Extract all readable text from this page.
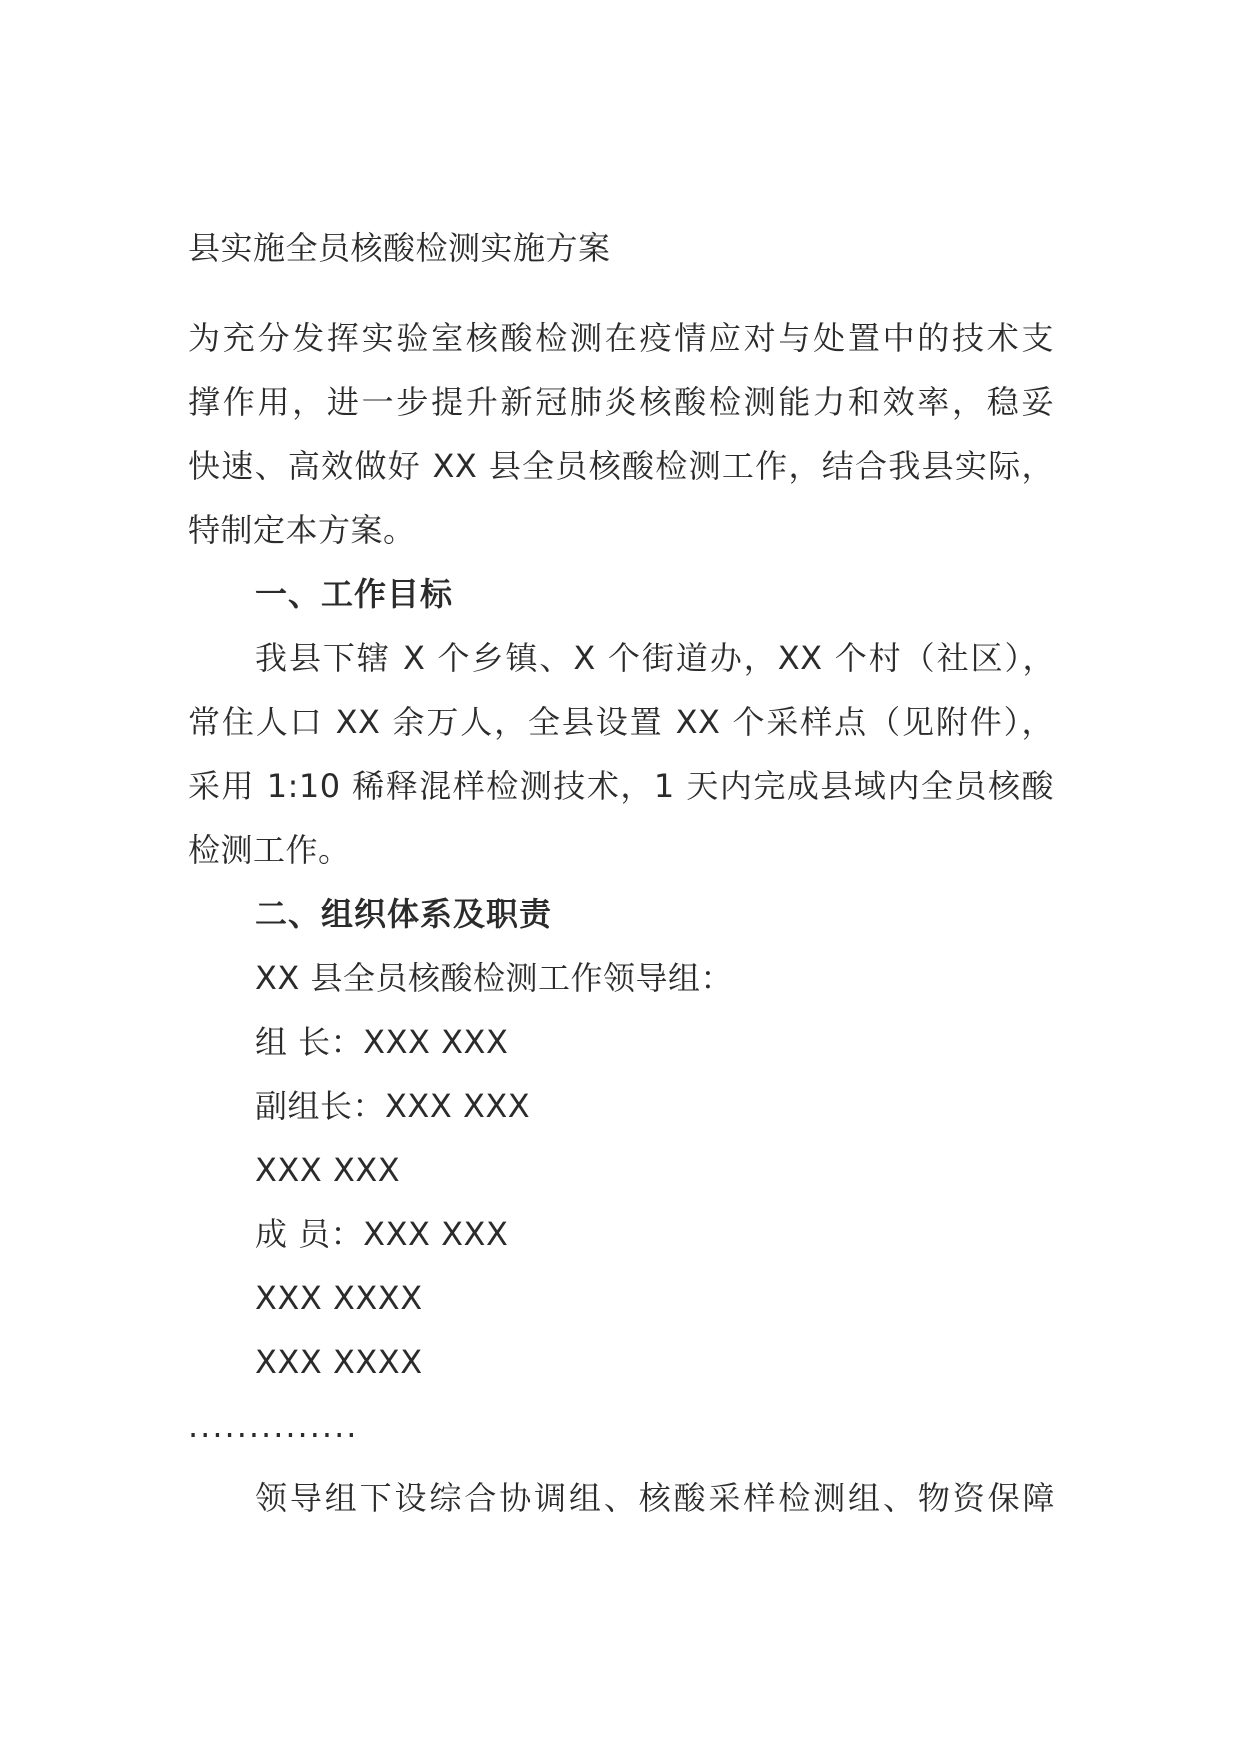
县实施全员核酸检测实施方案
为充分发挥实验室核酸检测在疫情应对与处置中的技术支
撑作用，进一步提升新冠肺炎核酸检测能力和效率，稳妥
快速、高效做好 XX 县全员核酸检测工作，结合我县实际，
特制定本方案。
一、工作目标
我县下辖 X 个乡镇、X 个街道办，XX 个村（社区），
常住人口 XX 余万人，全县设置 XX 个采样点（见附件），
采用 1:10 稀释混样检测技术，1 天内完成县域内全员核酸
检测工作。
二、组织体系及职责
XX 县全员核酸检测工作领导组：
组 长：XXX XXX
副组长：XXX XXX
XXX XXX
成 员：XXX XXX
XXX XXXX
XXX XXXX
..............
领导组下设综合协调组、核酸采样检测组、物资保障
